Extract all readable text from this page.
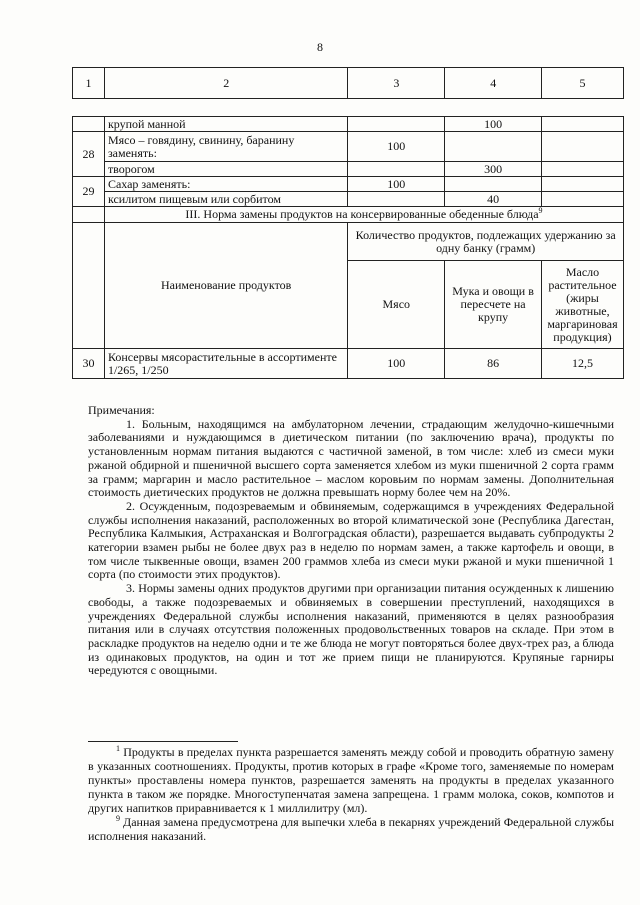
8
1	2	3	4	5
	крупой манной		100	
28	Мясо – говядину, свинину, баранину заменять:	100		
	творогом		300	
29	Сахар заменять:	100		
	ксилитом пищевым или сорбитом		40	
	III. Норма замены продуктов на консервированные обеденные блюда$^9$
	Наименование продуктов	Количество продуктов, подлежащих удержанию за одну банку (грамм)		
		Мясо	Мука и овощи в пересчете на крупу	Масло растительное (жиры животные, маргариновая продукция)
30	Консервы мясорастительные в ассортименте 1/265, 1/250	100	86	12,5

Примечания:

1. Больным, находящимся на амбулаторном лечении, страдающим желудочно-кишечными заболеваниями и нуждающимся в диетическом питании (по заключению врача), продукты по установленным нормам питания выдаются с частичной заменой, в том числе: хлеб из смеси муки ржаной обдирной и пшеничной высшего сорта заменяется хлебом из муки пшеничной 2 сорта грамм за грамм; маргарин и масло растительное – маслом коровьим по нормам замены. Дополнительная стоимость диетических продуктов не должна превышать норму более чем на 20%.

2. Осужденным, подозреваемым и обвиняемым, содержащимся в учреждениях Федеральной службы исполнения наказаний, расположенных во второй климатической зоне (Республика Дагестан, Республика Калмыкия, Астраханская и Волгоградская области), разрешается выдавать субпродукты 2 категории взамен рыбы не более двух раз в неделю по нормам замен, а также картофель и овощи, в том числе тыквенные овощи, взамен 200 граммов хлеба из смеси муки ржаной и муки пшеничной 1 сорта (по стоимости этих продуктов).

3. Нормы замены одних продуктов другими при организации питания осужденных к лишению свободы, а также подозреваемых и обвиняемых в совершении преступлений, находящихся в учреждениях Федеральной службы исполнения наказаний, применяются в целях разнообразия питания или в случаях отсутствия положенных продовольственных товаров на складе. При этом в раскладке продуктов на неделю одни и те же блюда не могут повторяться более двух-трех раз, а блюда из одинаковых продуктов, на один и тот же прием пищи не планируются. Крупяные гарниры чередуются с овощными.

$^1$ Продукты в пределах пункта разрешается заменять между собой и проводить обратную замену в указанных соотношениях. Продукты, против которых в графе «Кроме того, заменяемые по номерам пункты» проставлены номера пунктов, разрешается заменять на продукты в пределах указанного пункта в таком же порядке. Многоступенчатая замена запрещена. 1 грамм молока, соков, компотов и других напитков приравнивается к 1 миллилитру (мл).

$^9$ Данная замена предусмотрена для выпечки хлеба в пекарнях учреждений Федеральной службы исполнения наказаний.
